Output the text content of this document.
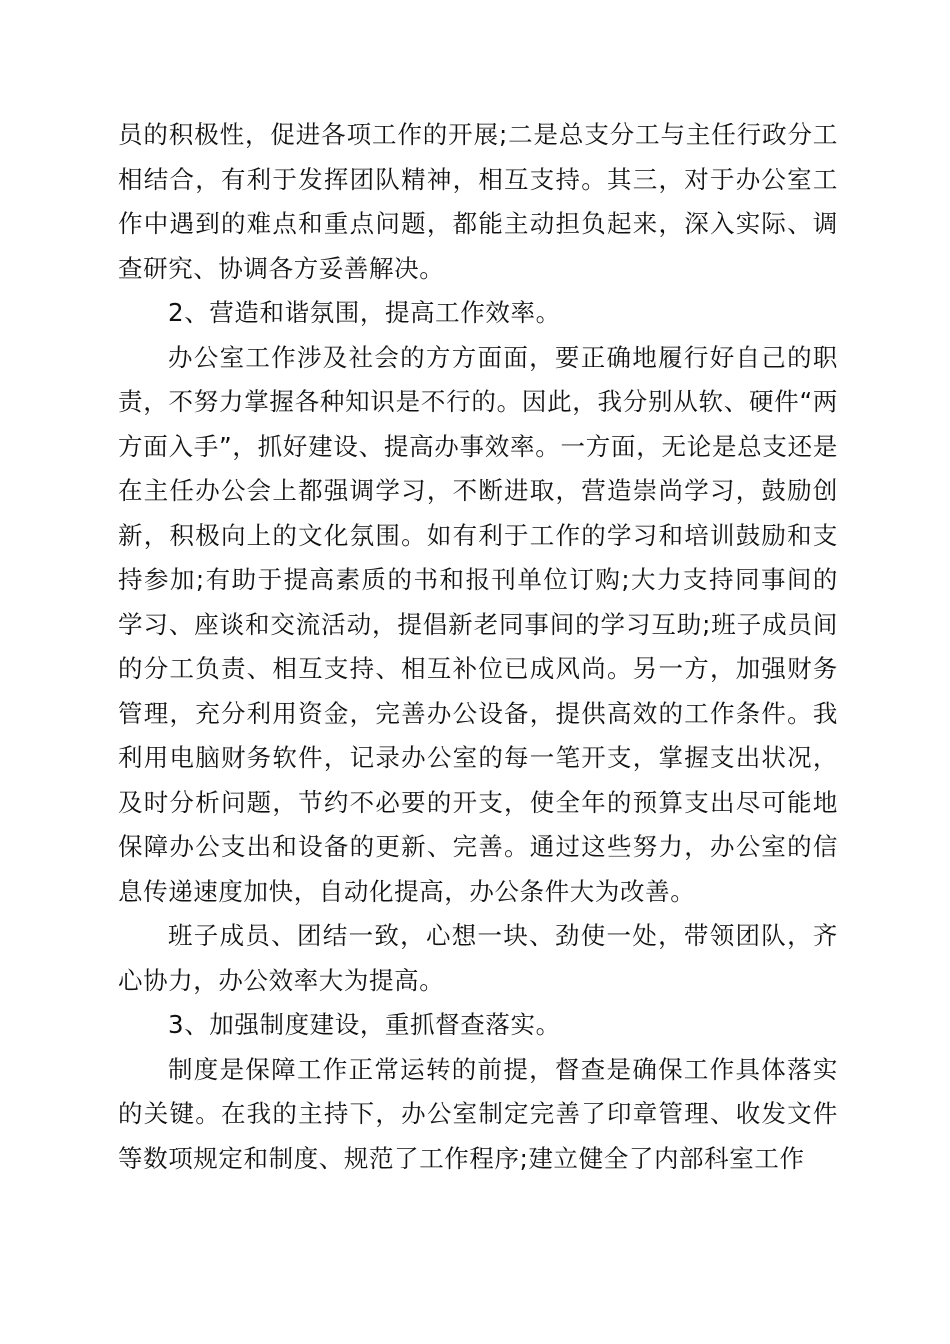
员的积极性，促进各项工作的开展;二是总支分工与主任行政分工相结合，有利于发挥团队精神，相互支持。其三，对于办公室工作中遇到的难点和重点问题，都能主动担负起来，深入实际、调查研究、协调各方妥善解决。

2、营造和谐氛围，提高工作效率。

办公室工作涉及社会的方方面面，要正确地履行好自己的职责，不努力掌握各种知识是不行的。因此，我分别从软、硬件“两方面入手”，抓好建设、提高办事效率。一方面，无论是总支还是在主任办公会上都强调学习，不断进取，营造崇尚学习，鼓励创新，积极向上的文化氛围。如有利于工作的学习和培训鼓励和支持参加;有助于提高素质的书和报刊单位订购;大力支持同事间的学习、座谈和交流活动，提倡新老同事间的学习互助;班子成员间的分工负责、相互支持、相互补位已成风尚。另一方，加强财务管理，充分利用资金，完善办公设备，提供高效的工作条件。我利用电脑财务软件，记录办公室的每一笔开支，掌握支出状况，及时分析问题，节约不必要的开支，使全年的预算支出尽可能地保障办公支出和设备的更新、完善。通过这些努力，办公室的信息传递速度加快，自动化提高，办公条件大为改善。

班子成员、团结一致，心想一块、劲使一处，带领团队，齐心协力，办公效率大为提高。

3、加强制度建设，重抓督查落实。

制度是保障工作正常运转的前提，督查是确保工作具体落实的关键。在我的主持下，办公室制定完善了印章管理、收发文件等数项规定和制度、规范了工作程序;建立健全了内部科室工作
